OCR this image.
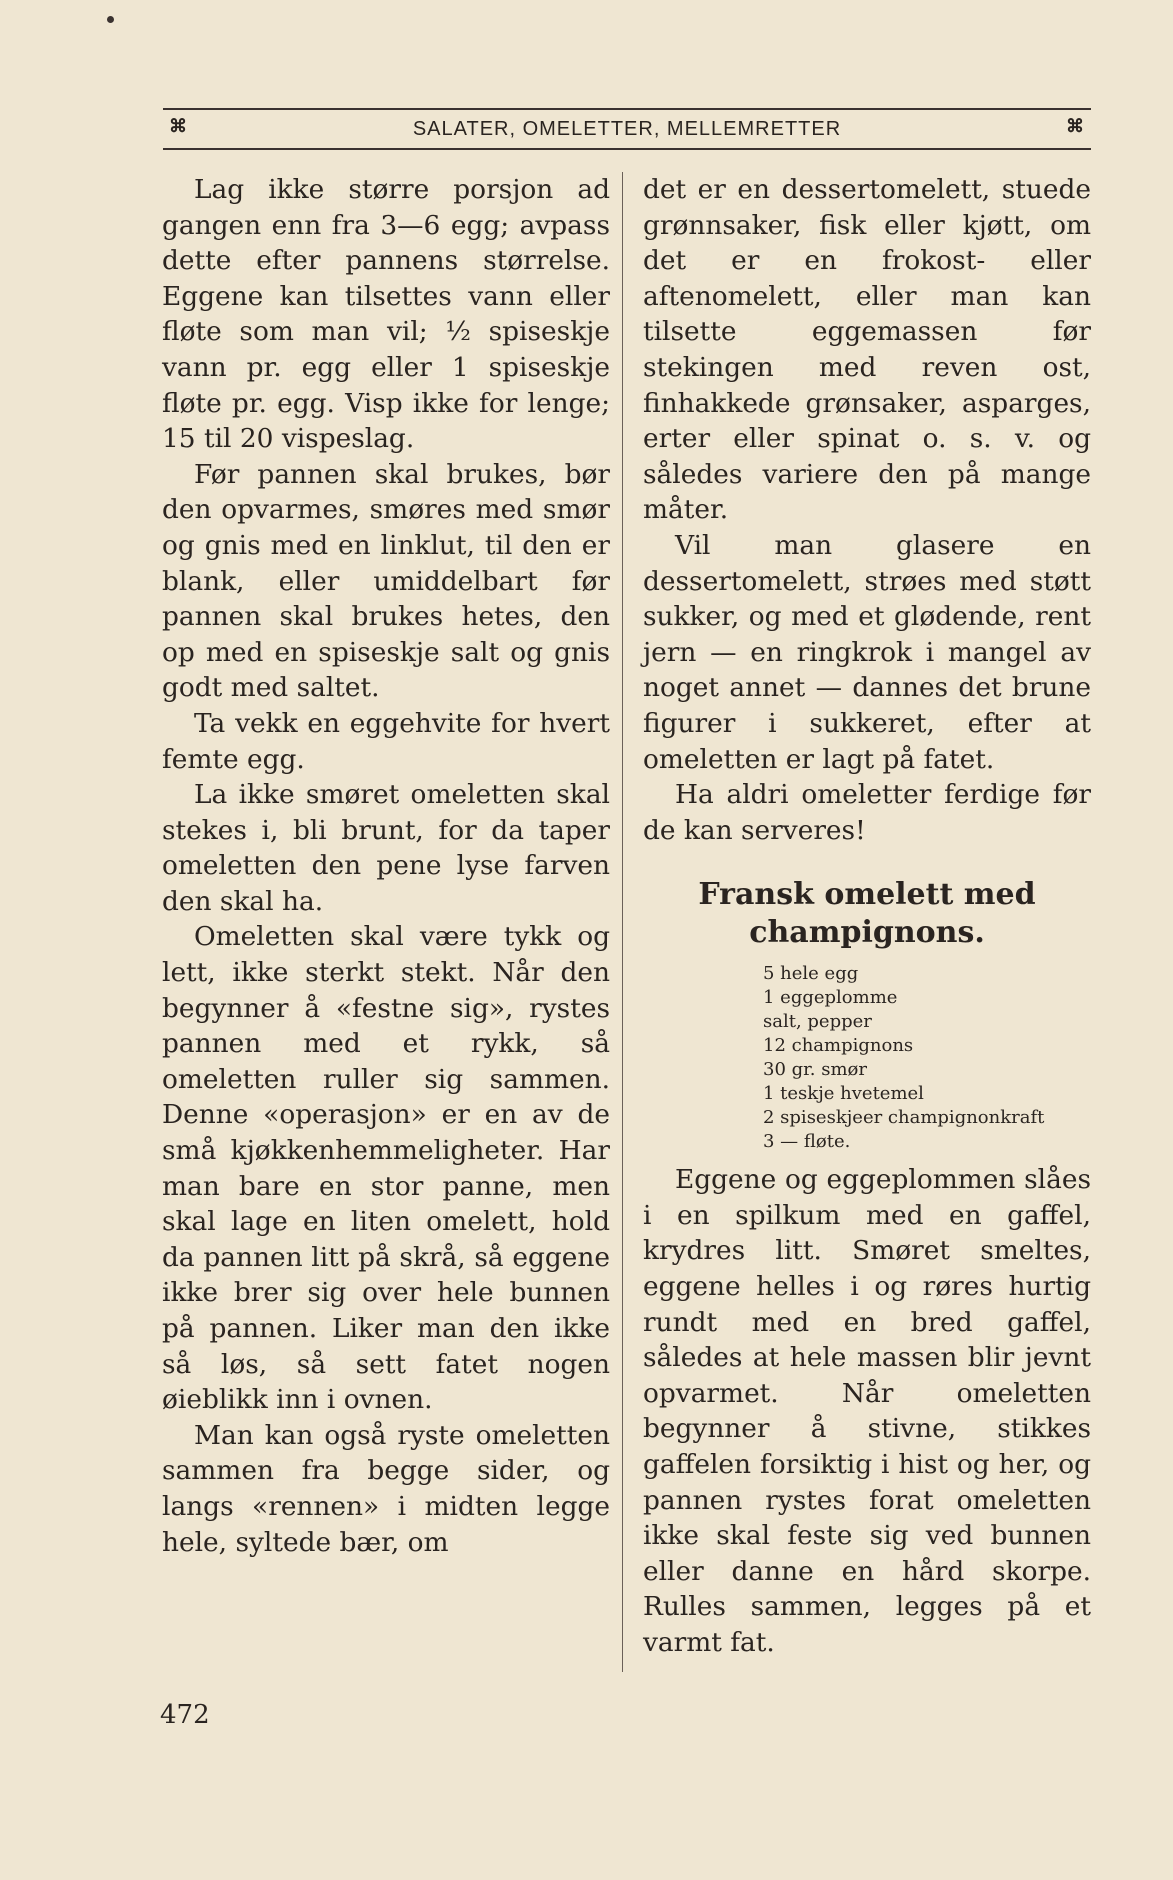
⌘	SALATER, OMELETTER, MELLEMRETTER	⌘

Lag ikke større porsjon ad gangen enn fra 3—6 egg; avpass dette efter pannens størrelse. Eggene kan tilsettes vann eller fløte som man vil; ½ spiseskje vann pr. egg eller 1 spiseskje fløte pr. egg. Visp ikke for lenge; 15 til 20 vispeslag.

Før pannen skal brukes, bør den opvarmes, smøres med smør og gnis med en linklut, til den er blank, eller umiddelbart før pannen skal brukes hetes, den op med en spiseskje salt og gnis godt med saltet.

Ta vekk en eggehvite for hvert femte egg.

La ikke smøret omeletten skal stekes i, bli brunt, for da taper omeletten den pene lyse farven den skal ha.

Omeletten skal være tykk og lett, ikke sterkt stekt. Når den begynner å «festne sig», rystes pannen med et rykk, så omeletten ruller sig sammen. Denne «operasjon» er en av de små kjøkkenhemmeligheter. Har man bare en stor panne, men skal lage en liten omelett, hold da pannen litt på skrå, så eggene ikke brer sig over hele bunnen på pannen. Liker man den ikke så løs, så sett fatet nogen øieblikk inn i ovnen.

Man kan også ryste omeletten sammen fra begge sider, og langs «rennen» i midten legge hele, syltede bær, om

det er en dessertomelett, stuede grønnsaker, fisk eller kjøtt, om det er en frokost- eller aftenomelett, eller man kan tilsette eggemassen før stekingen med reven ost, finhakkede grønsaker, asparges, erter eller spinat o. s. v. og således variere den på mange måter.

Vil man glasere en dessertomelett, strøes med støtt sukker, og med et glødende, rent jern — en ringkrok i mangel av noget annet — dannes det brune figurer i sukkeret, efter at omeletten er lagt på fatet.

Ha aldri omeletter ferdige før de kan serveres!

Fransk omelett med champignons.
5 hele egg
1 eggeplomme
salt, pepper
12 champignons
30 gr. smør
1 teskje hvetemel
2 spiseskjeer champignonkraft
3 — fløte.

Eggene og eggeplommen slåes i en spilkum med en gaffel, krydres litt. Smøret smeltes, eggene helles i og røres hurtig rundt med en bred gaffel, således at hele massen blir jevnt opvarmet. Når omeletten begynner å stivne, stikkes gaffelen forsiktig i hist og her, og pannen rystes forat omeletten ikke skal feste sig ved bunnen eller danne en hård skorpe. Rulles sammen, legges på et varmt fat.

472
